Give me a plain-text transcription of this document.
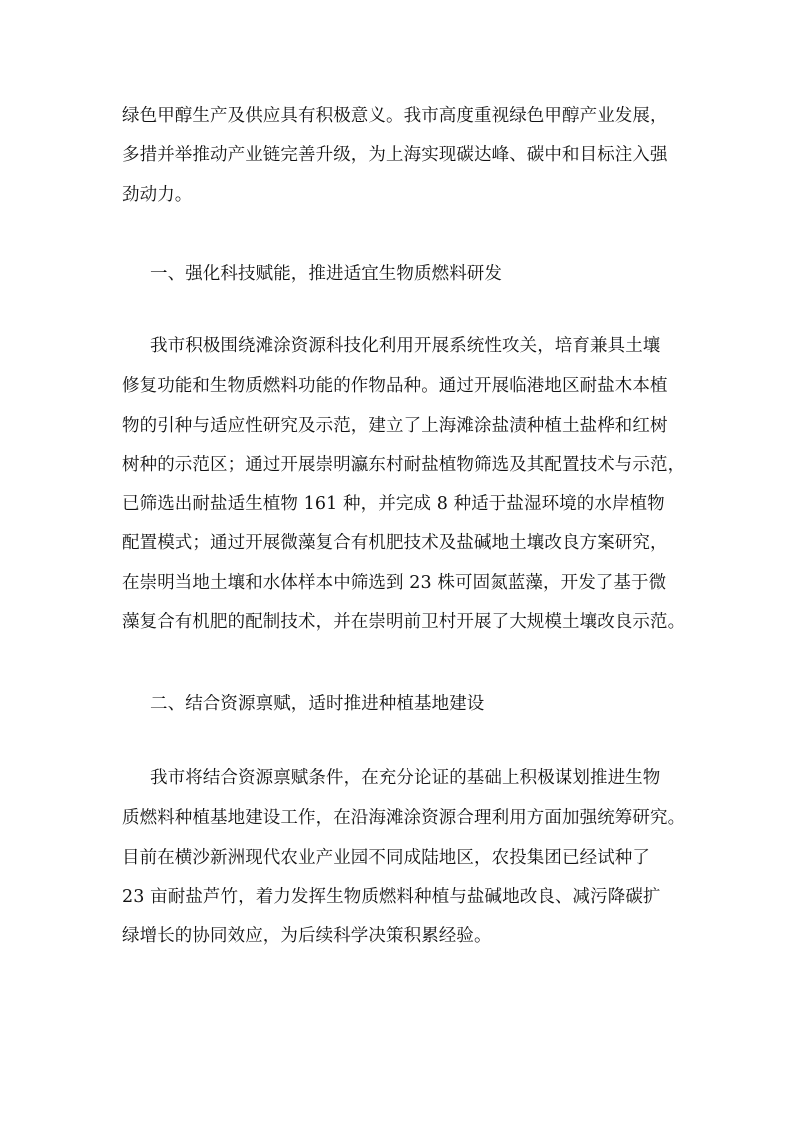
绿色甲醇生产及供应具有积极意义。我市高度重视绿色甲醇产业发展，
多措并举推动产业链完善升级，为上海实现碳达峰、碳中和目标注入强
劲动力。
一、强化科技赋能，推进适宜生物质燃料研发
我市积极围绕滩涂资源科技化利用开展系统性攻关，培育兼具土壤
修复功能和生物质燃料功能的作物品种。通过开展临港地区耐盐木本植
物的引种与适应性研究及示范，建立了上海滩涂盐渍种植土盐桦和红树
树种的示范区；通过开展崇明瀛东村耐盐植物筛选及其配置技术与示范，
已筛选出耐盐适生植物 161 种，并完成 8 种适于盐湿环境的水岸植物
配置模式；通过开展微藻复合有机肥技术及盐碱地土壤改良方案研究，
在崇明当地土壤和水体样本中筛选到 23 株可固氮蓝藻，开发了基于微
藻复合有机肥的配制技术，并在崇明前卫村开展了大规模土壤改良示范。
二、结合资源禀赋，适时推进种植基地建设
我市将结合资源禀赋条件，在充分论证的基础上积极谋划推进生物
质燃料种植基地建设工作，在沿海滩涂资源合理利用方面加强统筹研究。
目前在横沙新洲现代农业产业园不同成陆地区，农投集团已经试种了
23 亩耐盐芦竹，着力发挥生物质燃料种植与盐碱地改良、减污降碳扩
绿增长的协同效应，为后续科学决策积累经验。
